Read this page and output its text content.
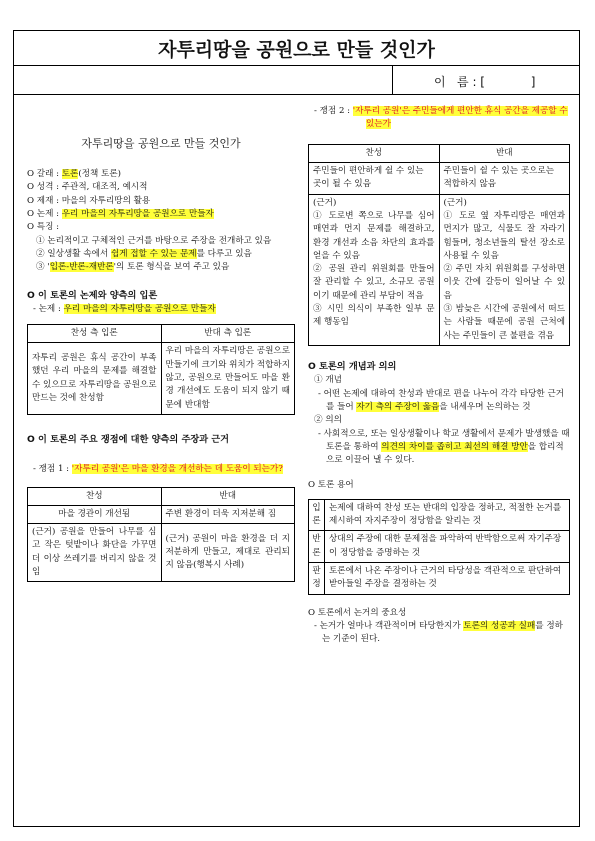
자투리땅을 공원으로 만들 것인가
이   름 : [            ]
자투리땅을 공원으로 만들 것인가

O 갈래 : 토론(정책 토론)

O 성격 : 주관적, 대조적, 예시적

O 제재 : 마을의 자투리땅의 활용

O 논제 : 우리 마을의 자투리땅을 공원으로 만들자

O 특징 :

① 논리적이고 구체적인 근거를 바탕으로 주장을 전개하고 있음

② 일상생활 속에서 쉽게 접할 수 있는 문제를 다루고 있음

③ '입론-반론-재반론'의 토론 형식을 보여 주고 있음

O 이 토론의 논제와 양측의 입론

- 논제 : 우리 마을의 자투리땅을 공원으로 만들자

찬성 측 입론	반대 측 입론
자투리 공원은 휴식 공간이 부족했던 우리 마을의 문제를 해결할 수 있으므로 자투리땅을 공원으로 만드는 것에 찬성함	우리 마을의 자투리땅은 공원으로 만들기에 크기와 위치가 적합하지 않고, 공원으로 만들어도 마을 환경 개선에도 도움이 되지 않기 때문에 반대함
O 이 토론의 주요 쟁점에 대한 양측의 주장과 근거

- 쟁점 1 : '자투리 공원'은 마을 환경을 개선하는 데 도움이 되는가?

찬성	반대
마을 경관이 개선됨	주변 환경이 더욱 지저분해 짐
(근거) 공원을 만들어 나무를 심고 작은 텃밭이나 화단을 가꾸면 더 이상 쓰레기를 버리지 않을 것임	(근거) 공원이 마을 환경을 더 지저분하게 만들고, 제대로 관리되지 않음(행복시 사례)

- 쟁점 2 : '자투리 공원'은 주민들에게 편안한 휴식 공간을 제공할 수 있는가

찬성	반대
주민들이 편안하게 쉴 수 있는 곳이 될 수 있음	주민들이 쉴 수 있는 곳으로는 적합하지 않음
(근거)
① 도로변 쪽으로 나무를 심어 매연과 먼지 문제를 해결하고, 환경 개선과 소음 차단의 효과를 얻을 수 있음
② 공원 관리 위원회를 만들어 잘 관리할 수 있고, 소규모 공원이기 때문에 관리 부담이 적음
③ 시민 의식이 부족한 일부 문제 행동임	(근거)
① 도로 옆 자투리땅은 매연과 먼지가 많고, 식물도 잘 자라기 힘들며, 청소년들의 탈선 장소로 사용될 수 있음
② 주민 자치 위원회를 구성하면 이웃 간에 갈등이 일어날 수 있음
③ 밤늦은 시간에 공원에서 떠드는 사람들 때문에 공원 근처에 사는 주민들이 큰 불편을 겪음
O 토론의 개념과 의의

① 개념

- 어떤 논제에 대하여 찬성과 반대로 편을 나누어 각각 타당한 근거를 들어 자기 측의 주장이 옳음을 내세우며 논의하는 것

② 의의

- 사회적으로, 또는 일상생활이나 학교 생활에서 문제가 발생했을 때 토론을 통하여 의견의 차이를 좁히고 최선의 해결 방안을 합리적으로 이끌어 낼 수 있다.

O 토론 용어
입론	논제에 대하여 찬성 또는 반대의 입장을 정하고, 적절한 논거를 제시하여 자지주장이 정당함을 알리는 것
반론	상대의 주장에 대한 문제점을 파악하여 반박함으로써 자기주장이 정당함을 증명하는 것
판정	토론에서 나온 주장이나 근거의 타당성을 객관적으로 판단하여 받아들일 주장을 결정하는 것
O 토론에서 논거의 중요성

- 논거가 얼마나 객관적이며 타당한지가 토론의 성공과 실패를 정하는 기준이 된다.
